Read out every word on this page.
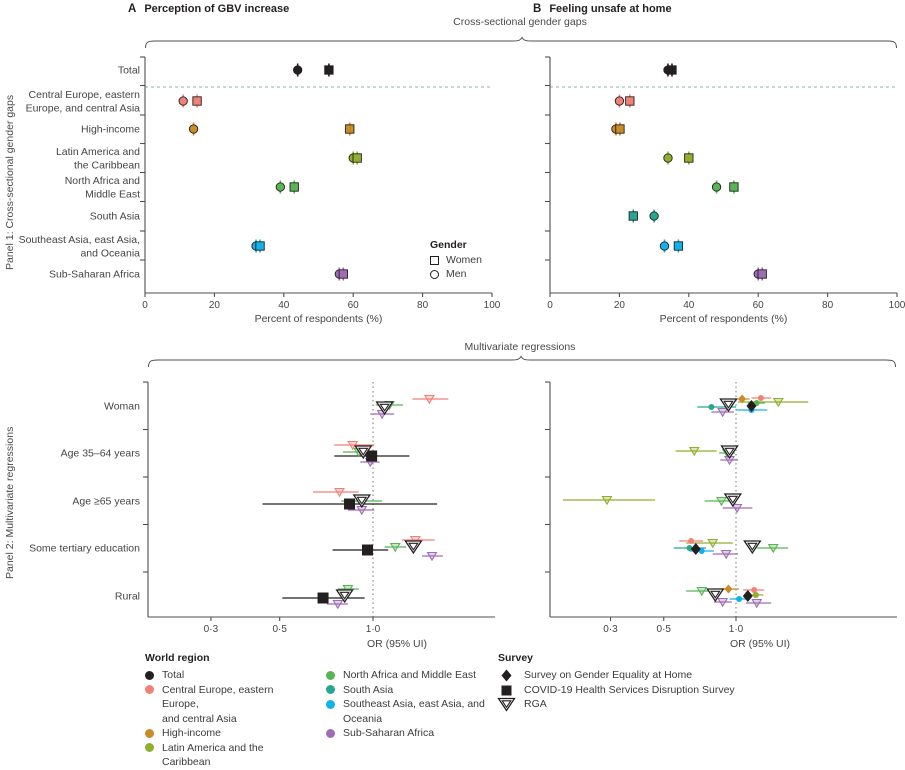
A Perception of GBV increase	B Feeling unsafe at home
Cross-sectional gender gaps
Multivariate regressions
Panel 1: Cross-sectional gender gaps
Panel 2: Multivariate regressions
0	20	40	60	80	100
Percent of respondents (%)
Total
Central Europe, eastern
Europe, and central Asia
High-income
Latin America and
the Caribbean
North Africa and
Middle East
South Asia
Southeast Asia, east Asia,
and Oceania
Sub-Saharan Africa
0	20	40	60	80	100
Percent of respondents (%)
0·3	0·5	1·0
OR (95% UI)
Woman
Age 35–64 years
Age ≥65 years
Some tertiary education
Rural
0·3	0·5	1·0
OR (95% UI)
Gender
Women
Men
World region
Total
Central Europe, eastern Europe,
and central Asia
High-income
Latin America and the Caribbean
North Africa and Middle East
South Asia
Southeast Asia, east Asia, and
Oceania
Sub-Saharan Africa
Survey
Survey on Gender Equality at Home
COVID-19 Health Services Disruption Survey
RGA
